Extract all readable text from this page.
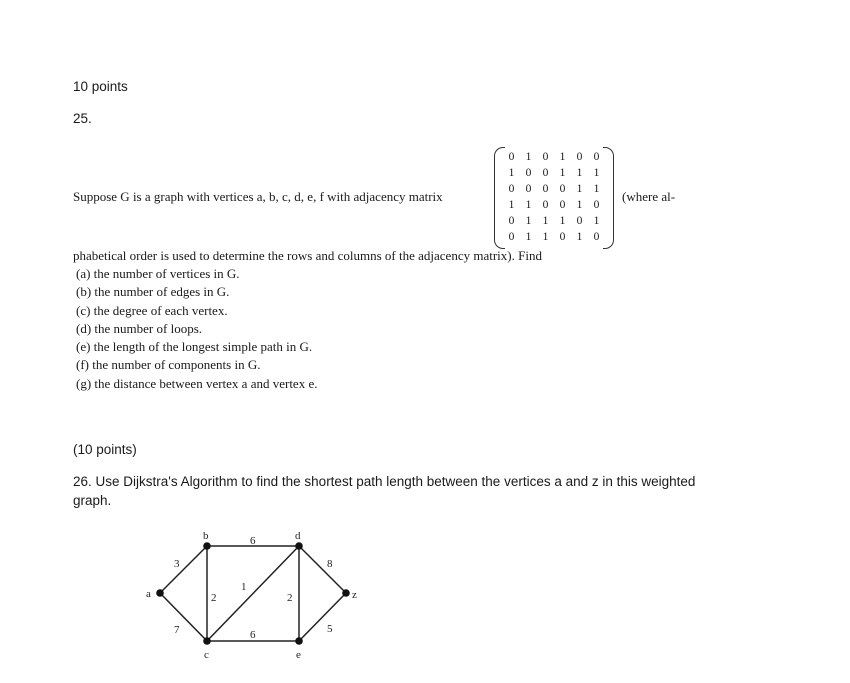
10 points
25.
Suppose G is a graph with vertices a, b, c, d, e, f with adjacency matrix
0 1 0 1 0 0
1 0 0 1 1 1
0 0 0 0 1 1
1 1 0 0 1 0
0 1 1 1 0 1
0 1 1 0 1 0
(where al-
phabetical order is used to determine the rows and columns of the adjacency matrix). Find
(a) the number of vertices in G.
(b) the number of edges in G.
(c) the degree of each vertex.
(d) the number of loops.
(e) the length of the longest simple path in G.
(f) the number of components in G.
(g) the distance between vertex a and vertex e.
(10 points)
26. Use Dijkstra's Algorithm to find the shortest path length between the vertices a and z in this weighted
graph.
a
b
c
d
e
z
3
7
6
2
1
6
2
8
5
